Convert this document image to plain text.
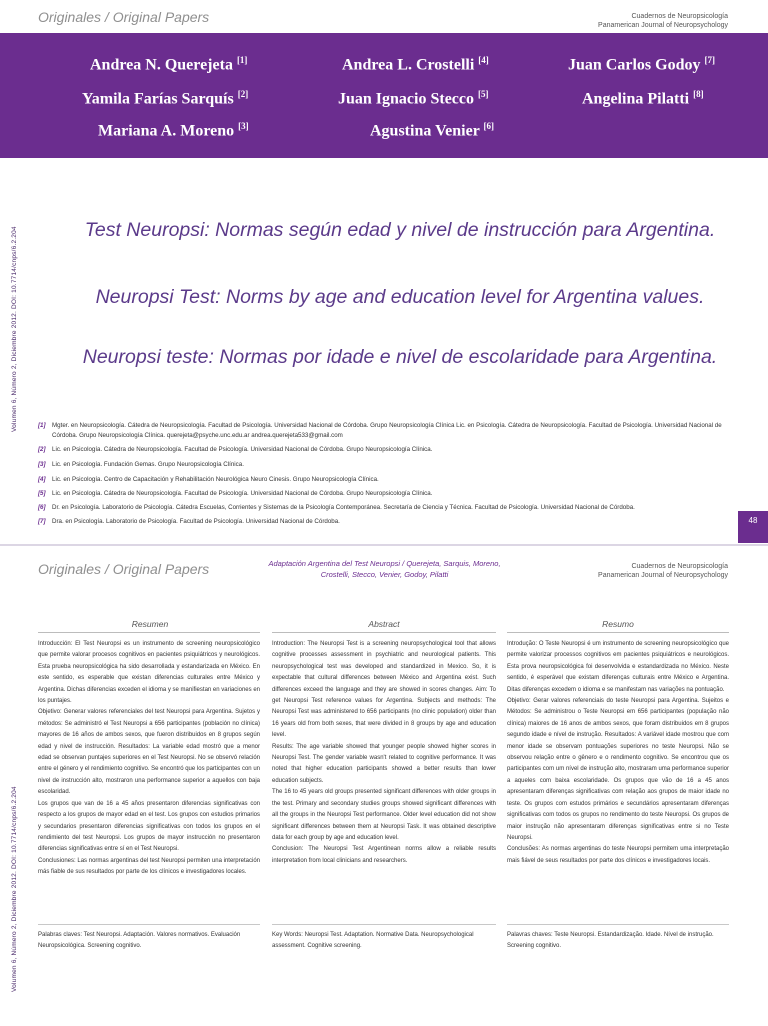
Originales / Original Papers	Cuadernos de Neuropsicología
Panamerican Journal of Neuropsychology
Andrea N. Querejeta [1]
Yamila Farías Sarquís [2]
Mariana A. Moreno [3]
Andrea L. Crostelli [4]
Juan Ignacio Stecco [5]
Agustina Venier [6]
Juan Carlos Godoy [7]
Angelina Pilatti [8]
Volumen 6, Número 2, Diciembre 2012. DOI: 10.7714/cnps/6.2.204	Test Neuropsi: Normas según edad y nivel de instrucción para Argentina.
Neuropsi Test: Norms by age and education level for Argentina values.
Neuropsi teste: Normas por idade e nivel de escolaridade para Argentina.
[1] Mgter. en Neuropsicología. Cátedra de Neuropsicología. Facultad de Psicología. Universidad Nacional de Córdoba. Grupo Neuropsicología Clínica Lic. en Psicología. Cátedra de Neuropsicología. Facultad de Psicología. Universidad Nacional de Córdoba. Grupo Neuropsicología Clínica. querejeta@psyche.unc.edu.ar andrea.querejeta533@gmail.com
[2] Lic. en Psicología. Cátedra de Neuropsicología. Facultad de Psicología. Universidad Nacional de Córdoba. Grupo Neuropsicología Clínica.
[3] Lic. en Psicología. Fundación Gemas. Grupo Neuropsicología Clínica.
[4] Lic. en Psicología. Centro de Capacitación y Rehabilitación Neurológica Neuro Cinesis. Grupo Neuropsicología Clínica.
[5] Lic. en Psicología. Cátedra de Neuropsicología. Facultad de Psicología. Universidad Nacional de Córdoba. Grupo Neuropsicología Clínica.
[6] Dr. en Psicología. Laboratorio de Psicología. Cátedra Escuelas, Corrientes y Sistemas de la Psicología Contemporánea. Secretaría de Ciencia y Técnica. Facultad de Psicología. Universidad Nacional de Córdoba.
[7] Dra. en Psicología. Laboratorio de Psicología. Facultad de Psicología. Universidad Nacional de Córdoba.	48
Originales / Original Papers	Adaptación Argentina del Test Neuropsi / Querejeta, Sarquis, Moreno, Crostelli, Stecco, Venier, Godoy, Pilatti
Cuadernos de Neuropsicología
Panamerican Journal of Neuropsychology
Volumen 6, Número 2, Diciembre 2012. DOI: 10.7714/cnps/6.2.204
Resumen

Introducción: El Test Neuropsi es un instrumento de screening neuropsicológico que permite valorar procesos cognitivos en pacientes psiquiátricos y neurológicos. Esta prueba neuropsicológica ha sido desarrollada y estandarizada en México. En este sentido, es esperable que existan diferencias culturales entre México y Argentina. Dichas diferencias exceden el idioma y se manifiestan en variaciones en los puntajes.

Objetivo: Generar valores referenciales del test Neuropsi para Argentina. Sujetos y métodos: Se administró el Test Neuropsi a 656 participantes (población no clínica) mayores de 16 años de ambos sexos, que fueron distribuidos en 8 grupos según edad y nivel de instrucción. Resultados: La variable edad mostró que a menor edad se observan puntajes superiores en el Test Neuropsi. No se observó relación entre el género y el rendimiento cognitivo. Se encontró que los participantes con un nivel de instrucción alto, mostraron una performance superior a aquellos con baja escolaridad.

Los grupos que van de 16 a 45 años presentaron diferencias significativas con respecto a los grupos de mayor edad en el test. Los grupos con estudios primarios y secundarios presentaron diferencias significativas con todos los grupos en el rendimiento del test Neuropsi. Los grupos de mayor instrucción no presentaron diferencias significativas entre sí en el Test Neuropsi.

Conclusiones: Las normas argentinas del test Neuropsi permiten una interpretación más fiable de sus resultados por parte de los clínicos e investigadores locales.

Palabras claves: Test Neuropsi. Adaptación. Valores normativos. Evaluación Neuropsicológica. Screening cognitivo.
Abstract

Introduction: The Neuropsi Test is a screening neuropsychological tool that allows cognitive processes assessment in psychiatric and neurological patients. This neuropsychological test was developed and standardized in Mexico. So, it is expectable that cultural differences between México and Argentina exist. Such differences exceed the language and they are showed in scores changes. Aim: To get Neuropsi Test reference values for Argentina. Subjects and methods: The Neuropsi Test was administered to 656 participants (no clinic population) older than 16 years old from both sexes, that were divided in 8 groups by age and education level.

Results: The age variable showed that younger people showed higher scores in Neuropsi Test. The gender variable wasn't related to cognitive performance. It was noted that higher education participants showed a better results than lower education subjects.

The 16 to 45 years old groups presented significant differences with older groups in the test. Primary and secondary studies groups showed significant differences with all the groups in the Neuropsi Test performance. Older level education did not show significant differences between them at Neuropsi Task. It was obtained descriptive data for each group by age and education level.

Conclusion: The Neuropsi Test Argentinean norms allow a reliable results interpretation from local clinicians and researchers.

Key Words: Neuropsi Test. Adaptation. Normative Data. Neuropsychological assessment. Cognitive screening.
Resumo

Introdução: O Teste Neuropsi é um instrumento de screening neuropsicológico que permite valorizar processos cognitivos em pacientes psiquiátricos e neurológicos. Esta prova neuropsicológica foi desenvolvida e estandardizada no México. Neste sentido, é esperável que existam diferenças culturais entre México e Argentina. Ditas diferenças excedem o idioma e se manifestam nas variações na pontuação.

Objetivo: Gerar valores referenciais do teste Neuropsi para Argentina. Sujeitos e Métodos: Se administrou o Teste Neuropsi em 656 participantes (população não clínica) maiores de 16 anos de ambos sexos, que foram distribuidos em 8 grupos segundo idade e nível de instrução. Resultados: A variável idade mostrou que com menor idade se observam pontuações superiores no teste Neuropsi. Não se observou relação entre o gênero e o rendimento cognitivo. Se encontrou que os participantes com um nível de instrução alto, mostraram uma performance superior a aqueles com baixa escolaridade. Os grupos que vão de 16 a 45 anos apresentaram diferenças significativas com relação aos grupos de maior idade no teste. Os grupos com estudos primários e secundários apresentaram diferenças significativas com todos os grupos no rendimento do teste Neuropsi. Os grupos de maior instrução não apresentaram diferenças significativas entre si no Teste Neuropsi.

Conclusões: As normas argentinas do teste Neuropsi permitem uma interpretação mais fiável de seus resultados por parte dos clínicos e investigadores locais.

Palavras chaves: Teste Neuropsi. Estandardização. Idade. Nível de instrução. Screening cognitivo.
